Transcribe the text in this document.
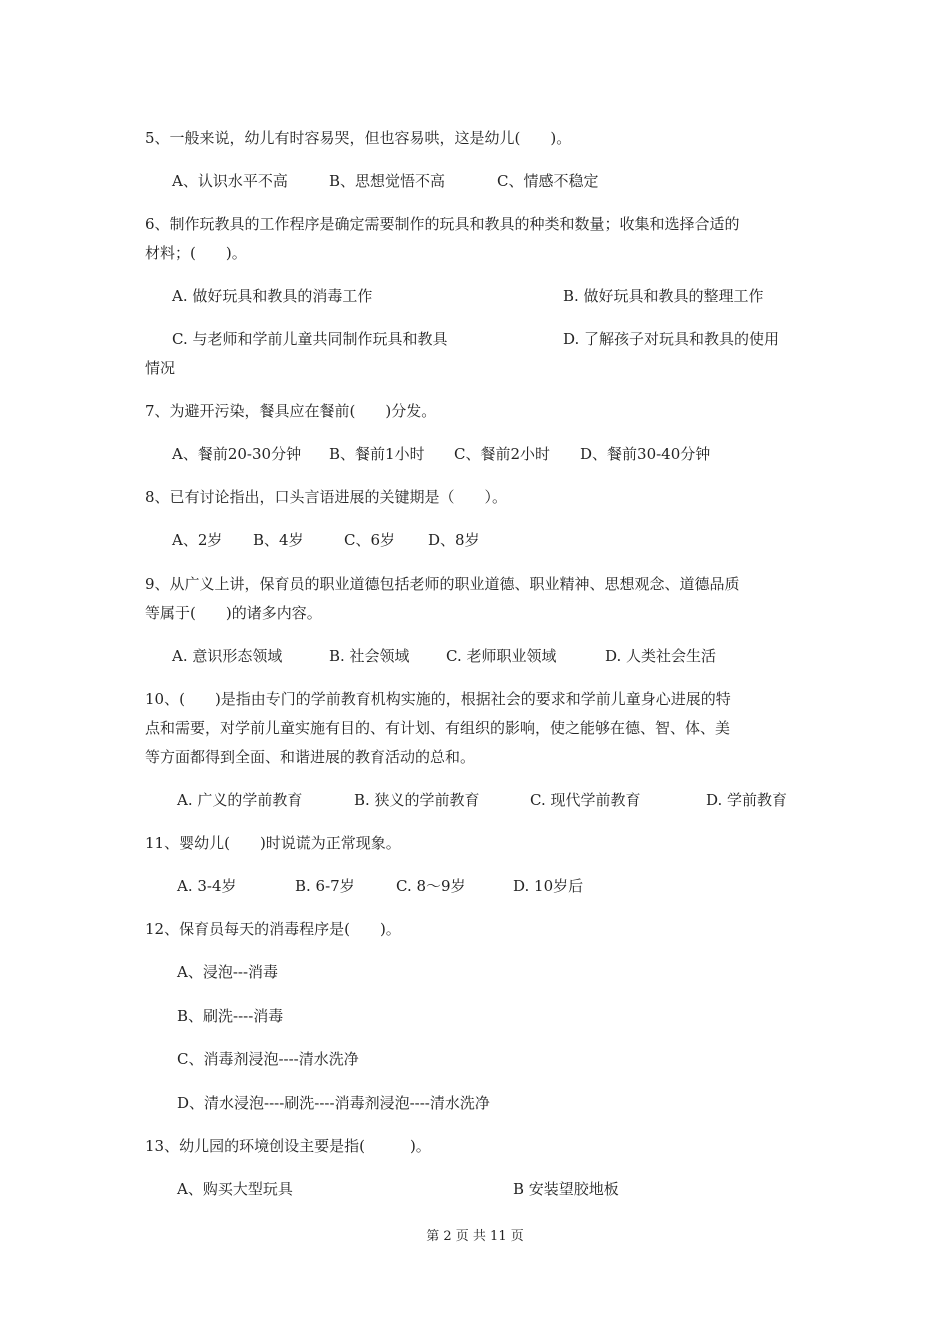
5、一般来说，幼儿有时容易哭，但也容易哄，这是幼儿(　　)。
A、认识水平不高	B、思想觉悟不高	C、情感不稳定
6、制作玩教具的工作程序是确定需要制作的玩具和教具的种类和数量；收集和选择合适的
材料；(　　)。
A. 做好玩具和教具的消毒工作	B. 做好玩具和教具的整理工作
C. 与老师和学前儿童共同制作玩具和教具	D. 了解孩子对玩具和教具的使用
情况
7、为避开污染，餐具应在餐前(　　)分发。
A、餐前20-30分钟 B、餐前1小时 C、餐前2小时 D、餐前30-40分钟
8、已有讨论指出，口头言语进展的关键期是（　　）。
A、2岁 B、4岁	C、6岁 D、8岁
9、从广义上讲，保育员的职业道德包括老师的职业道德、职业精神、思想观念、道德品质
等属于(　　)的诸多内容。
A. 意识形态领域	B. 社会领域 C. 老师职业领域	D. 人类社会生活
10、(　　)是指由专门的学前教育机构实施的，根据社会的要求和学前儿童身心进展的特
点和需要，对学前儿童实施有目的、有计划、有组织的影响，使之能够在德、智、体、美
等方面都得到全面、和谐进展的教育活动的总和。
A. 广义的学前教育	B. 狭义的学前教育	C. 现代学前教育	D. 学前教育
11、婴幼儿(　　)时说谎为正常现象。
A. 3-4岁	B. 6-7岁	C. 8～9岁	D. 10岁后
12、保育员每天的消毒程序是(　　)。
A、浸泡---消毒
B、刷洗----消毒
C、消毒剂浸泡----清水洗净
D、清水浸泡----刷洗----消毒剂浸泡----清水洗净
13、幼儿园的环境创设主要是指(　　　)。
A、购买大型玩具	B 安装望胶地板
第 2 页 共 11 页
